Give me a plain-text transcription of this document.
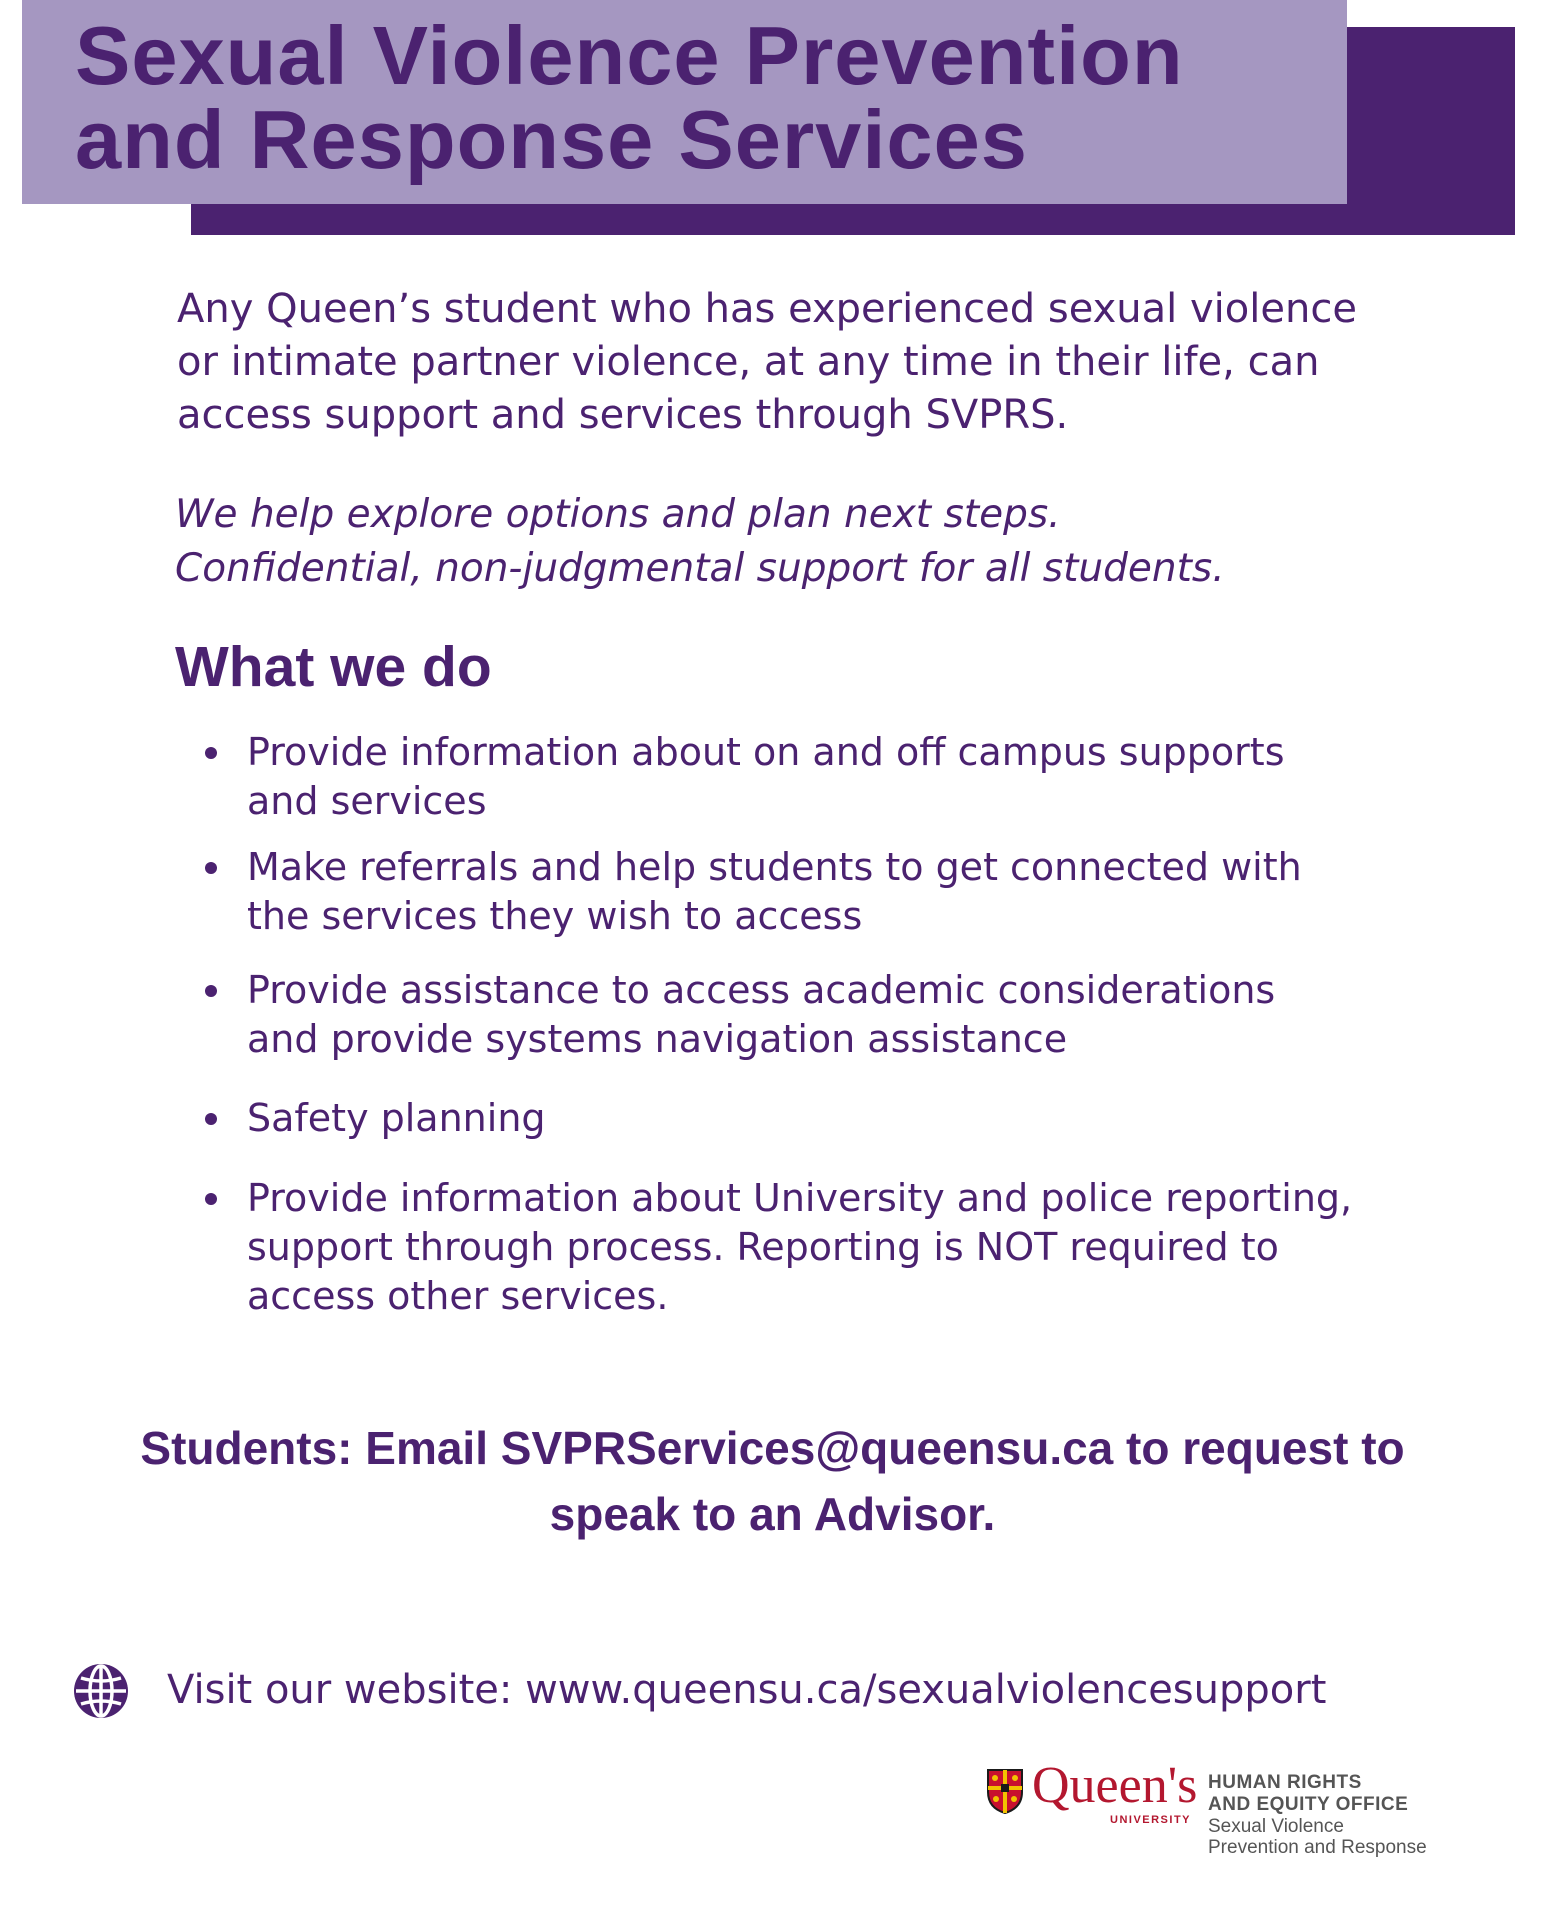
Sexual Violence Prevention
and Response Services

Any Queen’s student who has experienced sexual violence
or intimate partner violence, at any time in their life, can
access support and services through SVPRS.

We help explore options and plan next steps.
Confidential, non-judgmental support for all students.

What we do
Provide information about on and off campus supports
and services
Make referrals and help students to get connected with
the services they wish to access
Provide assistance to access academic considerations
and provide systems navigation assistance
Safety planning
Provide information about University and police reporting,
support through process. Reporting is NOT required to
access other services.

Students: Email SVPRServices@queensu.ca to request to
speak to an Advisor.

Visit our website: www.queensu.ca/sexualviolencesupport
Queen's
UNIVERSITY
HUMAN RIGHTS
AND EQUITY OFFICE
Sexual Violence
Prevention and Response
